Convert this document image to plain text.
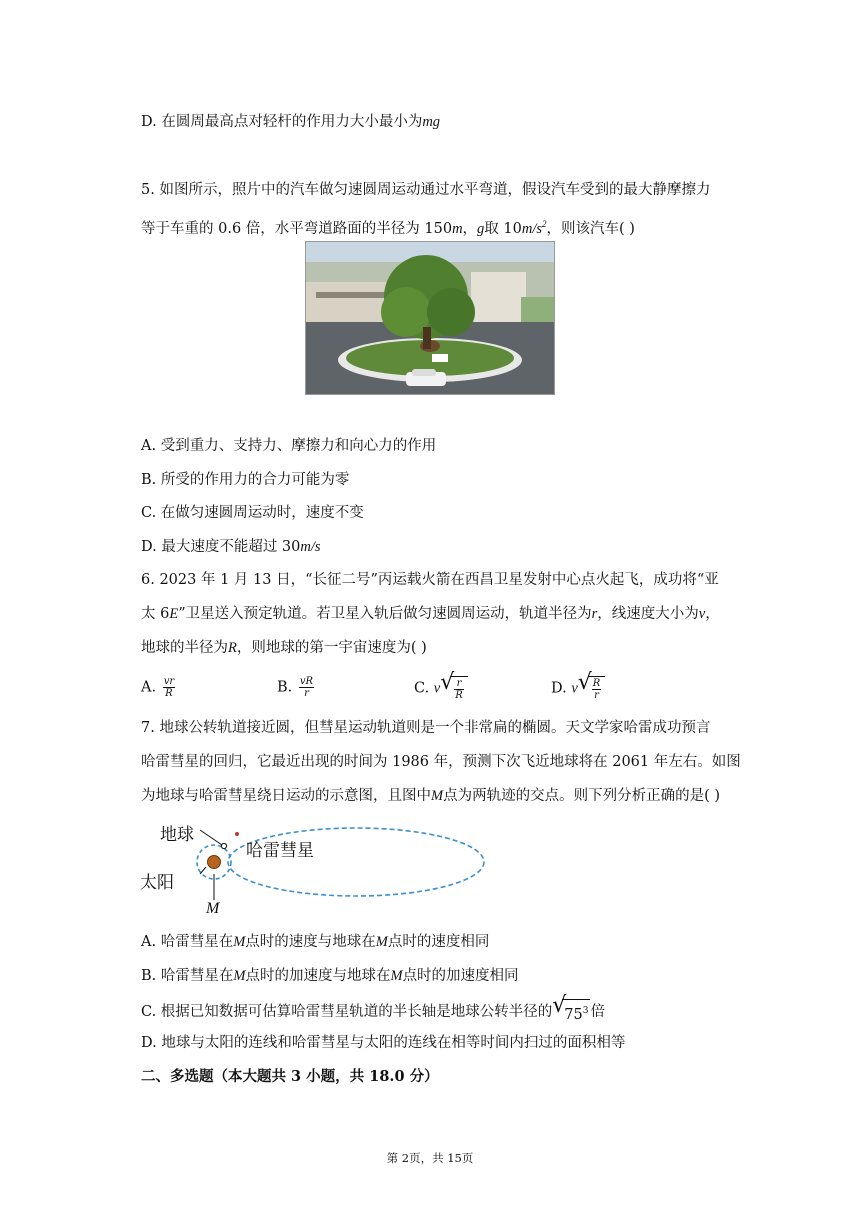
D. 在圆周最高点对轻杆的作用力大小最小为mg
5. 如图所示，照片中的汽车做匀速圆周运动通过水平弯道，假设汽车受到的最大静摩擦力
等于车重的 0.6 倍，水平弯道路面的半径为 150m，g取 $10m/s^2$，则该汽车( )
A. 受到重力、支持力、摩擦力和向心力的作用
B. 所受的作用力的合力可能为零
C. 在做匀速圆周运动时，速度不变
D. 最大速度不能超过 30m/s
6. 2023 年 1 月 13 日，“长征二号”丙运载火箭在西昌卫星发射中心点火起飞，成功将“亚
太 6E”卫星送入预定轨道。若卫星入轨后做匀速圆周运动，轨道半径为r，线速度大小为v，
地球的半径为R，则地球的第一宇宙速度为( )
A. $\frac{vr}{R}$	B. $\frac{vR}{r}$	C. v √ $\frac{r}{R}$	D. v √ $\frac{R}{r}$
7. 地球公转轨道接近圆，但彗星运动轨道则是一个非常扁的椭圆。天文学家哈雷成功预言
哈雷彗星的回归，它最近出现的时间为 1986 年，预测下次飞近地球将在 2061 年左右。如图
为地球与哈雷彗星绕日运动的示意图，且图中M点为两轨迹的交点。则下列分析正确的是( )
地球
哈雷彗星
太阳
M
A. 哈雷彗星在M点时的速度与地球在M点时的速度相同
B. 哈雷彗星在M点时的加速度与地球在M点时的加速度相同
C. 根据已知数据可估算哈雷彗星轨道的半长轴是地球公转半径的 √ $75^3$ 倍
D. 地球与太阳的连线和哈雷彗星与太阳的连线在相等时间内扫过的面积相等
二、多选题（本大题共 3 小题，共 18.0 分）
第 2页，共 15页
